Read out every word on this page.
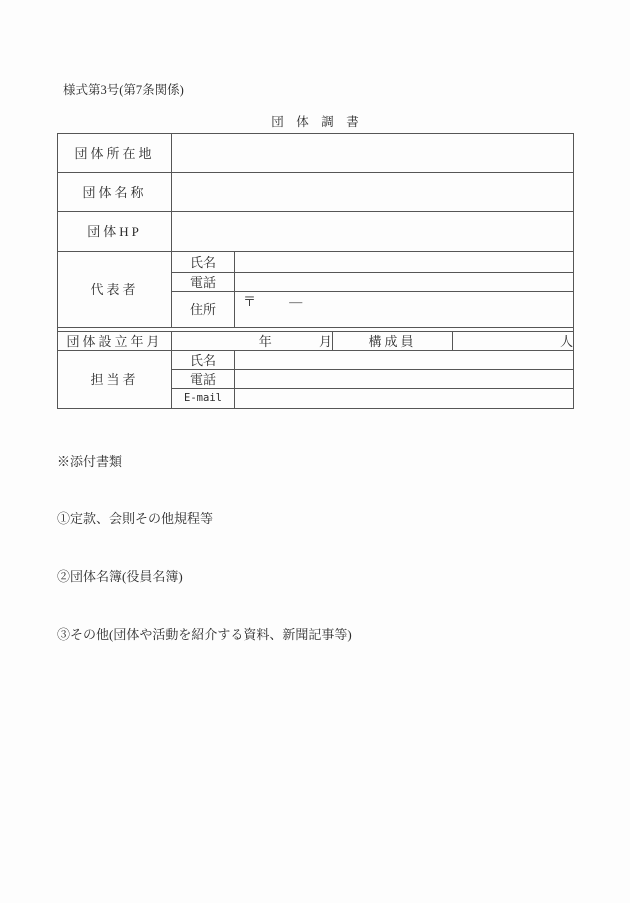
様式第3号(第7条関係)
団　体　調　書
団体所在地				
団体名称				
団体HP				
代表者	氏名			
	電話			
	住所	〒 ―		

団体設立年月	年 月		構成員	人
担当者	氏名			
	電話			
	E-mail			

※添付書類

①定款、会則その他規程等

②団体名簿(役員名簿)

③その他(団体や活動を紹介する資料、新聞記事等)
